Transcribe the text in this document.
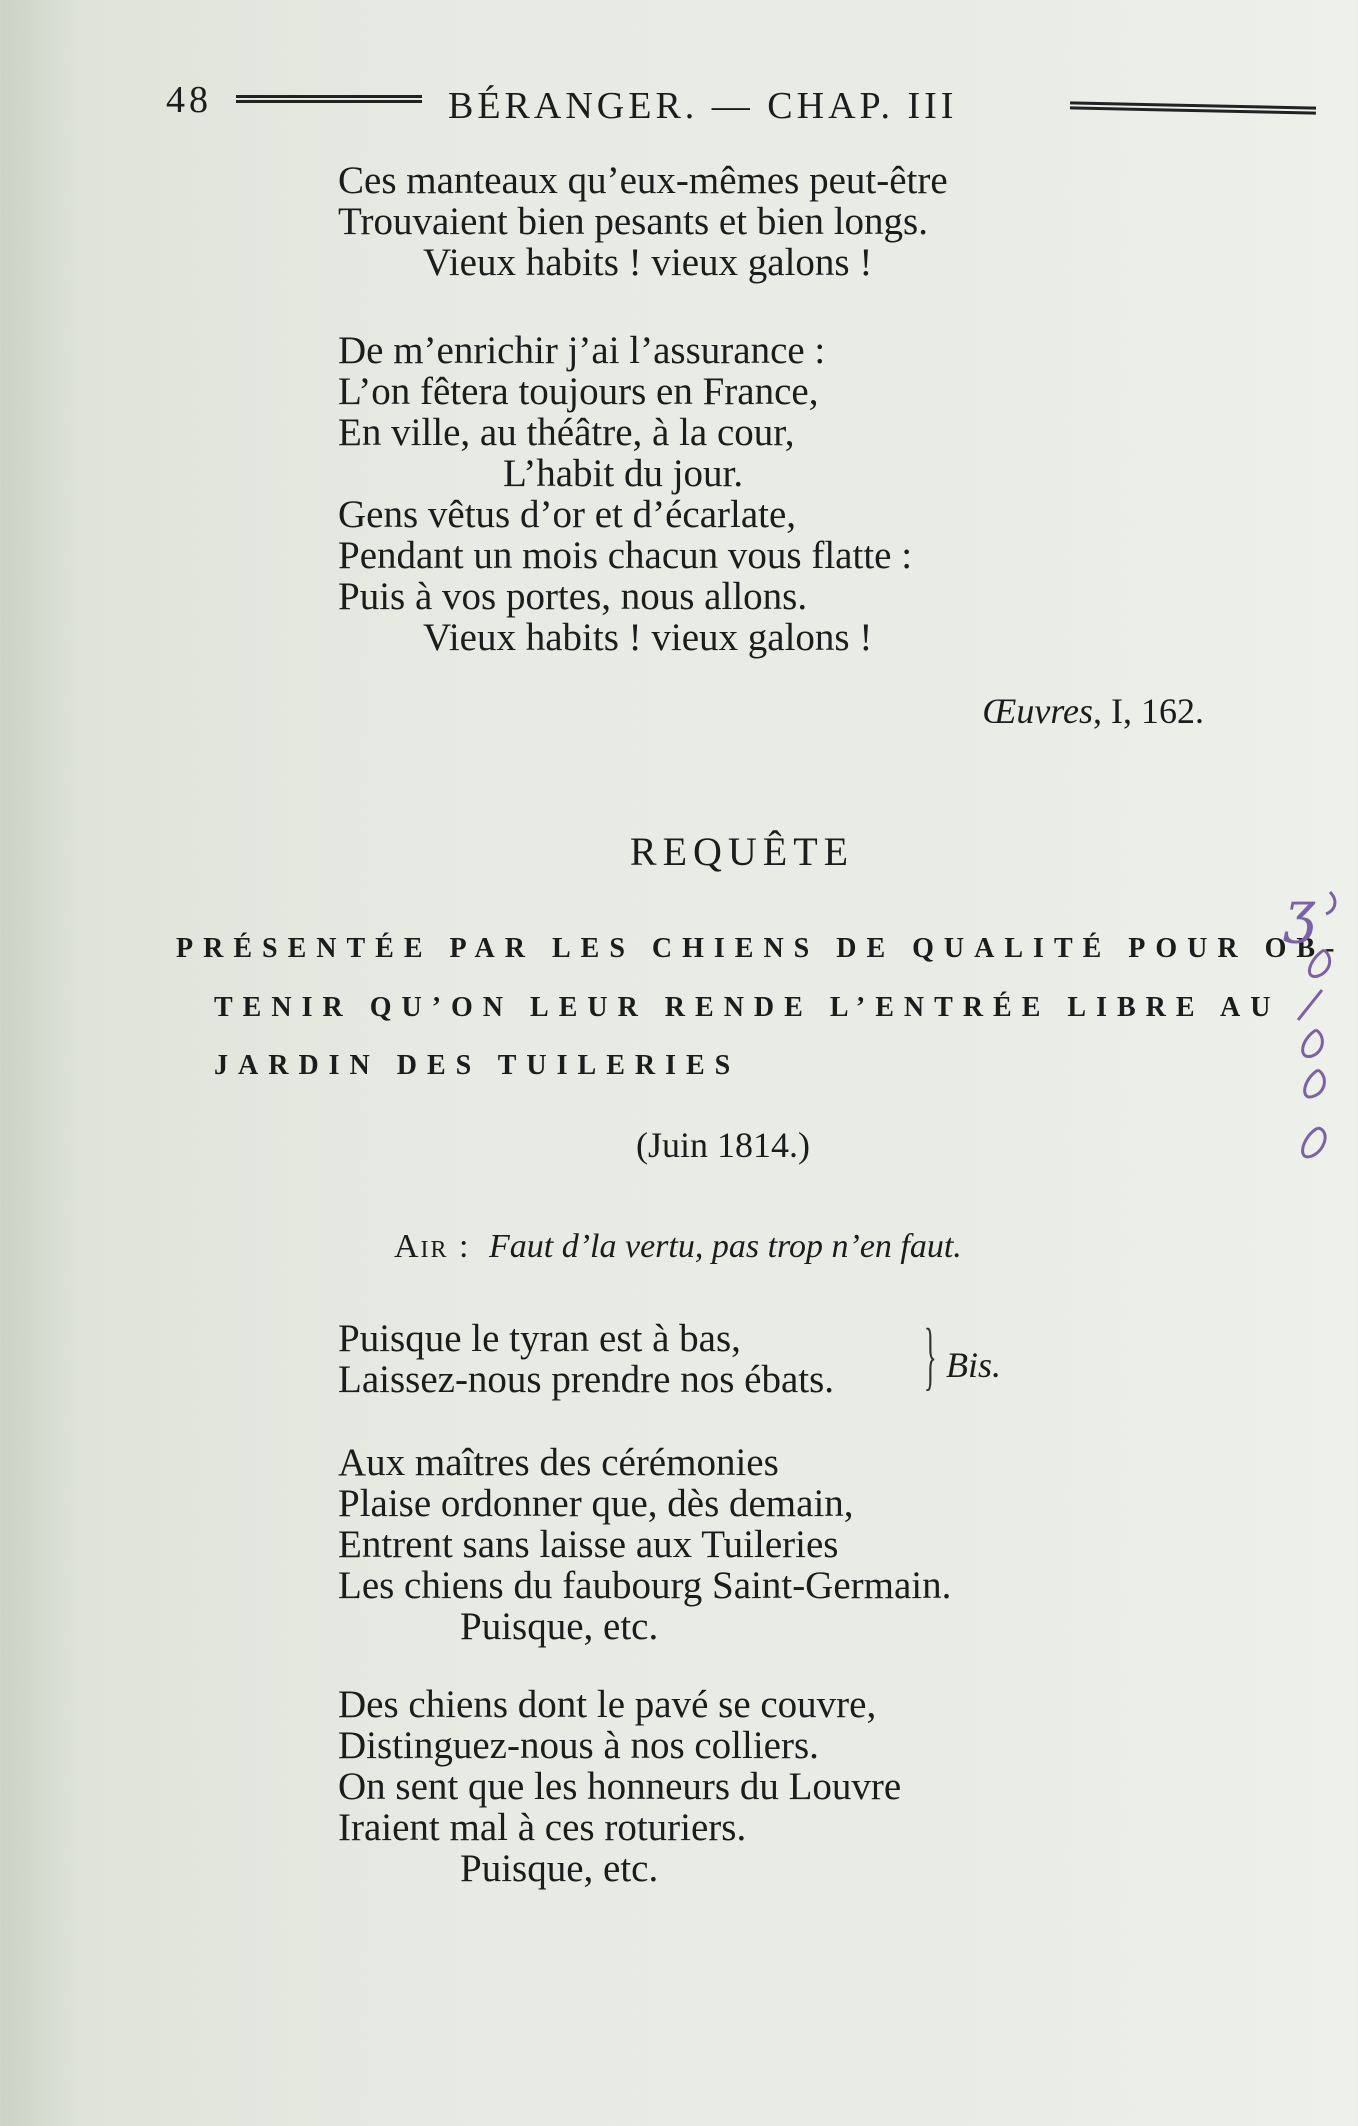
48	BÉRANGER. — CHAP. III
Ces manteaux qu’eux-mêmes peut-être
Trouvaient bien pesants et bien longs.
Vieux habits ! vieux galons !
De m’enrichir j’ai l’assurance :
L’on fêtera toujours en France,
En ville, au théâtre, à la cour,
L’habit du jour.
Gens vêtus d’or et d’écarlate,
Pendant un mois chacun vous flatte :
Puis à vos portes, nous allons.
Vieux habits ! vieux galons !
Œuvres, I, 162.
REQUÊTE
PRÉSENTÉE PAR LES CHIENS DE QUALITÉ POUR OB-
TENIR QU’ON LEUR RENDE L’ENTRÉE LIBRE AU
JARDIN DES TUILERIES
(Juin 1814.)
Air : Faut d’la vertu, pas trop n’en faut.
Puisque le tyran est à bas,
Laissez-nous prendre nos ébats. } Bis.
Aux maîtres des cérémonies
Plaise ordonner que, dès demain,
Entrent sans laisse aux Tuileries
Les chiens du faubourg Saint-Germain.
Puisque, etc.
Des chiens dont le pavé se couvre,
Distinguez-nous à nos colliers.
On sent que les honneurs du Louvre
Iraient mal à ces roturiers.
Puisque, etc.
ʒ
